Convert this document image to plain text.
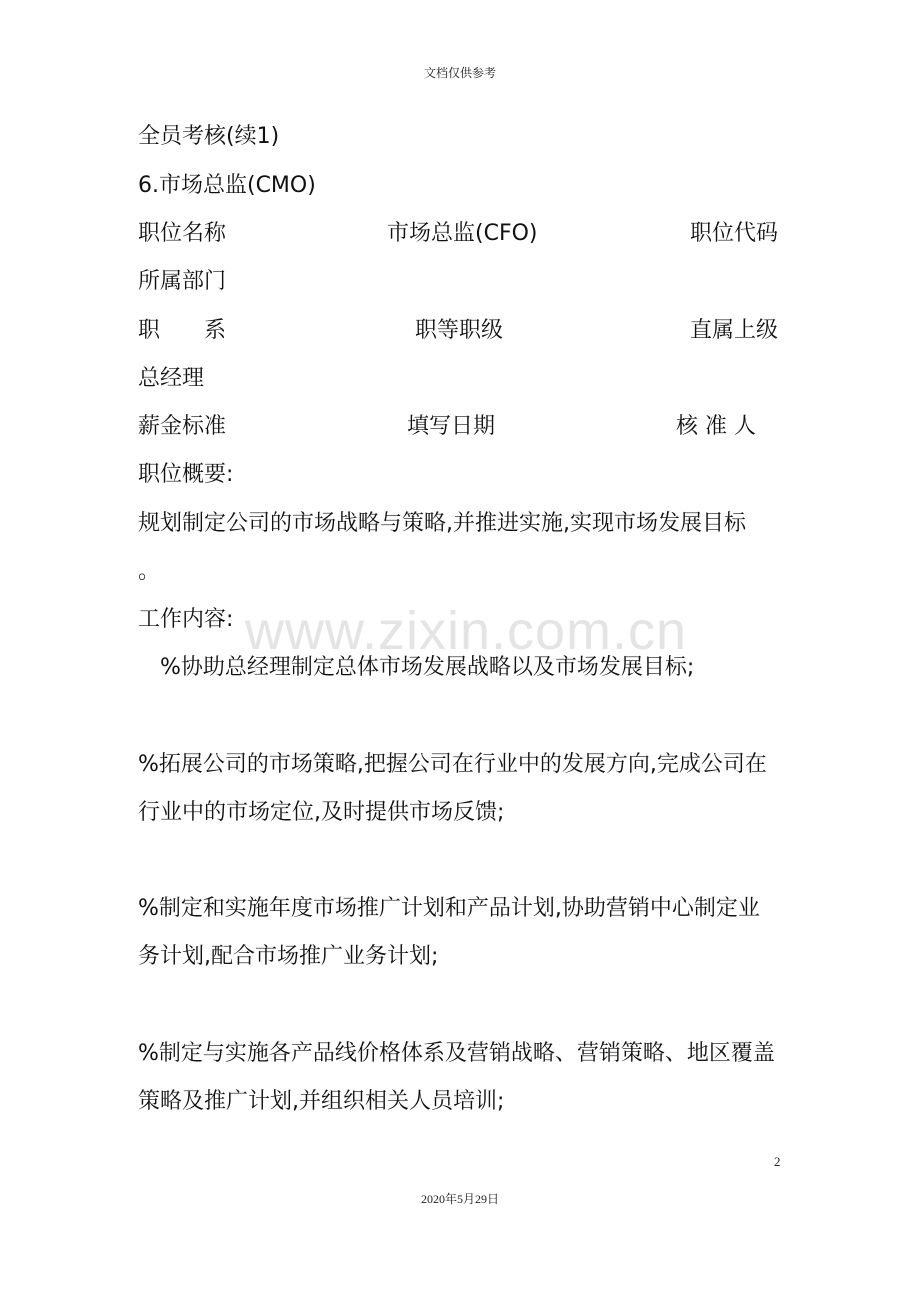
文档仅供参考
www.zixin.com.cn
全员考核(续1)
6.市场总监(CMO)
职位名称	市场总监(CFO)	职位代码
所属部门
职　　系	职等职级	直属上级
总经理
薪金标准	填写日期	核 准 人
职位概要:
规划制定公司的市场战略与策略,并推进实施,实现市场发展目标
。
工作内容:
%协助总经理制定总体市场发展战略以及市场发展目标;
%拓展公司的市场策略,把握公司在行业中的发展方向,完成公司在
行业中的市场定位,及时提供市场反馈;
%制定和实施年度市场推广计划和产品计划,协助营销中心制定业
务计划,配合市场推广业务计划;
%制定与实施各产品线价格体系及营销战略、营销策略、地区覆盖
策略及推广计划,并组织相关人员培训;
2
2020年5月29日
